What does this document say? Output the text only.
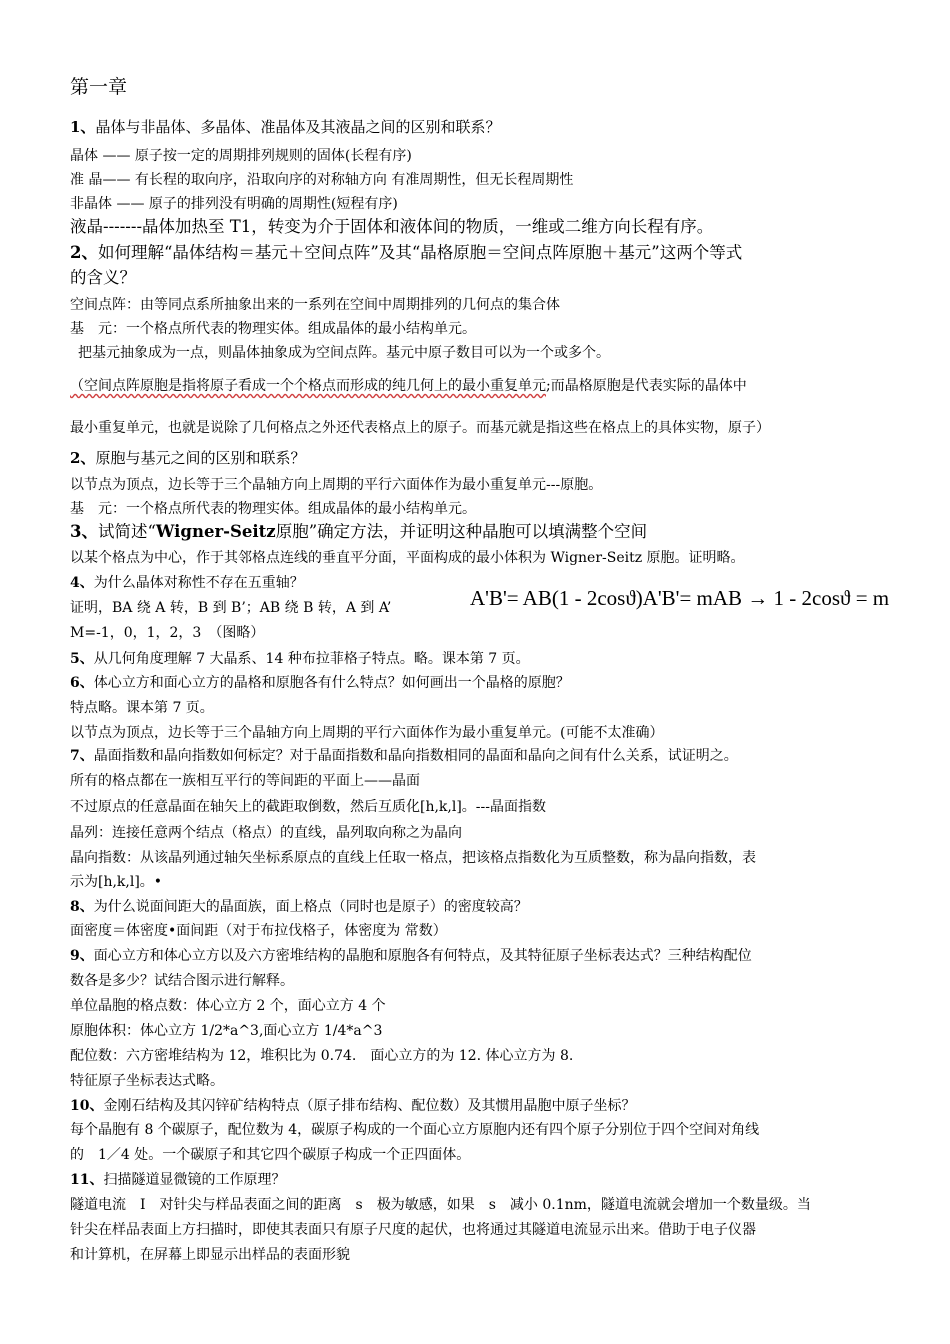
第一章
1、晶体与非晶体、多晶体、准晶体及其液晶之间的区别和联系？
晶体 —— 原子按一定的周期排列规则的固体(长程有序)
准 晶—— 有长程的取向序，沿取向序的对称轴方向 有准周期性，但无长程周期性
非晶体 —— 原子的排列没有明确的周期性(短程有序)
液晶-------晶体加热至 T1，转变为介于固体和液体间的物质，一维或二维方向长程有序。
2、如何理解“晶体结构＝基元＋空间点阵”及其“晶格原胞＝空间点阵原胞＋基元”这两个等式
的含义？
空间点阵：由等同点系所抽象出来的一系列在空间中周期排列的几何点的集合体
基　元：一个格点所代表的物理实体。组成晶体的最小结构单元。
把基元抽象成为一点，则晶体抽象成为空间点阵。基元中原子数目可以为一个或多个。
（空间点阵原胞是指将原子看成一个个格点而形成的纯几何上的最小重复单元;而晶格原胞是代表实际的晶体中
最小重复单元，也就是说除了几何格点之外还代表格点上的原子。而基元就是指这些在格点上的具体实物，原子）
2、原胞与基元之间的区别和联系？
以节点为顶点，边长等于三个晶轴方向上周期的平行六面体作为最小重复单元---原胞。
基　元：一个格点所代表的物理实体。组成晶体的最小结构单元。
3、试简述“Wigner-Seitz原胞”确定方法，并证明这种晶胞可以填满整个空间
以某个格点为中心，作于其邻格点连线的垂直平分面，平面构成的最小体积为 Wigner-Seitz 原胞。证明略。
4、为什么晶体对称性不存在五重轴？
证明，BA 绕 A 转，B 到 B’；AB 绕 B 转，A 到 A’	A'B'= AB(1 - 2cosϑ)A'B'= mAB → 1 - 2cosϑ = m
M=-1，0，1，2，3　（图略）
5、从几何角度理解 7 大晶系、14 种布拉菲格子特点。略。课本第 7 页。
6、体心立方和面心立方的晶格和原胞各有什么特点？如何画出一个晶格的原胞？
特点略。课本第 7 页。
以节点为顶点，边长等于三个晶轴方向上周期的平行六面体作为最小重复单元。(可能不太准确）
7、晶面指数和晶向指数如何标定？对于晶面指数和晶向指数相同的晶面和晶向之间有什么关系，试证明之。
所有的格点都在一族相互平行的等间距的平面上——晶面
不过原点的任意晶面在轴矢上的截距取倒数，然后互质化[h,k,l]。---晶面指数
晶列：连接任意两个结点（格点）的直线，晶列取向称之为晶向
晶向指数：从该晶列通过轴矢坐标系原点的直线上任取一格点，把该格点指数化为互质整数，称为晶向指数，表
示为[h,k,l]。•
8、为什么说面间距大的晶面族，面上格点（同时也是原子）的密度较高？
面密度＝体密度•面间距（对于布拉伐格子，体密度为 常数）
9、面心立方和体心立方以及六方密堆结构的晶胞和原胞各有何特点，及其特征原子坐标表达式？三种结构配位
数各是多少？试结合图示进行解释。
单位晶胞的格点数：体心立方 2 个，面心立方 4 个
原胞体积：体心立方 1/2*a^3,面心立方 1/4*a^3
配位数：六方密堆结构为 12，堆积比为 0.74.　面心立方的为 12. 体心立方为 8.
特征原子坐标表达式略。
10、金刚石结构及其闪锌矿结构特点（原子排布结构、配位数）及其惯用晶胞中原子坐标？
每个晶胞有 8 个碳原子，配位数为 4，碳原子构成的一个面心立方原胞内还有四个原子分别位于四个空间对角线
的　1／4 处。一个碳原子和其它四个碳原子构成一个正四面体。
11、扫描隧道显微镜的工作原理？
隧道电流　I　对针尖与样品表面之间的距离　s　极为敏感，如果　s　减小 0.1nm，隧道电流就会增加一个数量级。当
针尖在样品表面上方扫描时，即使其表面只有原子尺度的起伏，也将通过其隧道电流显示出来。借助于电子仪器
和计算机，在屏幕上即显示出样品的表面形貌
